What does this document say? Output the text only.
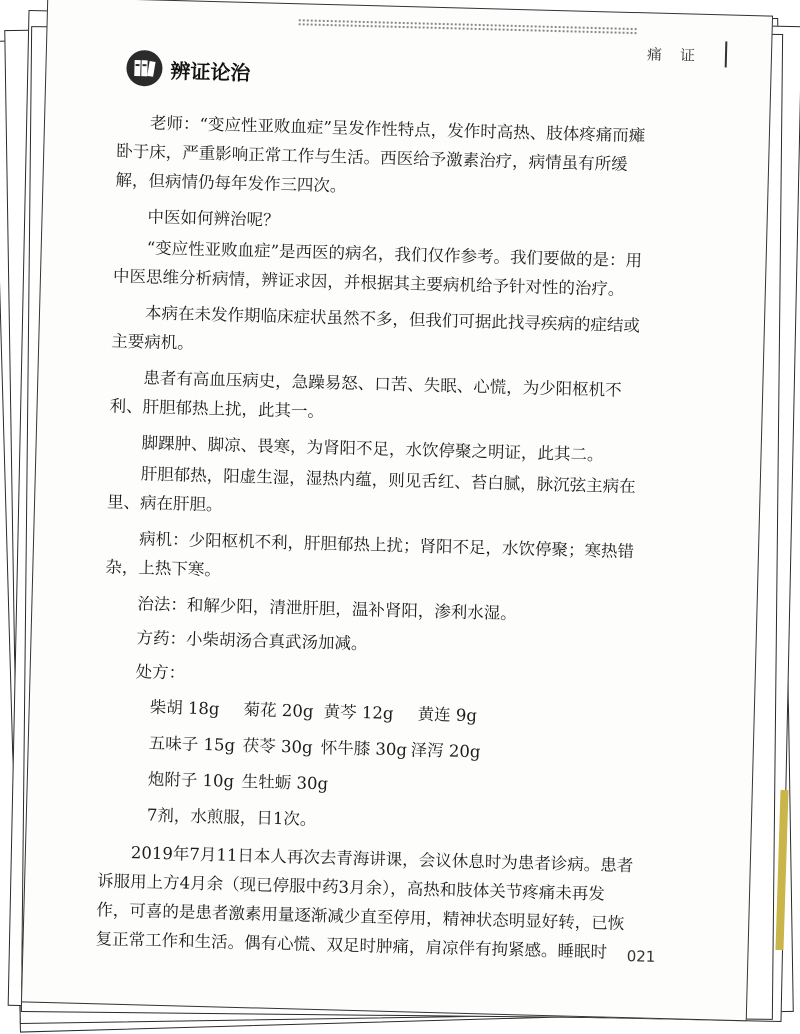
痛证
辨证论治

老师：“变应性亚败血症”呈发作性特点，发作时高热、肢体疼痛而瘫卧于床，严重影响正常工作与生活。西医给予激素治疗，病情虽有所缓解，但病情仍每年发作三四次。

中医如何辨治呢？

“变应性亚败血症”是西医的病名，我们仅作参考。我们要做的是：用中医思维分析病情，辨证求因，并根据其主要病机给予针对性的治疗。

本病在未发作期临床症状虽然不多，但我们可据此找寻疾病的症结或主要病机。

患者有高血压病史，急躁易怒、口苦、失眠、心慌，为少阳枢机不利、肝胆郁热上扰，此其一。

脚踝肿、脚凉、畏寒，为肾阳不足，水饮停聚之明证，此其二。

肝胆郁热，阳虚生湿，湿热内蕴，则见舌红、苔白腻，脉沉弦主病在里、病在肝胆。

病机：少阳枢机不利，肝胆郁热上扰；肾阳不足，水饮停聚；寒热错杂，上热下寒。

治法：和解少阳，清泄肝胆，温补肾阳，渗利水湿。
方药：小柴胡汤合真武汤加减。
处方：
柴胡 18g 菊花 20g 黄芩 12g 黄连 9g
五味子 15g 茯苓 30g 怀牛膝 30g 泽泻 20g
炮附子 10g 生牡蛎 30g
7剂，水煎服，日1次。

2019年7月11日本人再次去青海讲课，会议休息时为患者诊病。患者诉服用上方4月余（现已停服中药3月余），高热和肢体关节疼痛未再发作，可喜的是患者激素用量逐渐减少直至停用，精神状态明显好转，已恢复正常工作和生活。偶有心慌、双足时肿痛，肩凉伴有拘紧感。睡眠时	021
